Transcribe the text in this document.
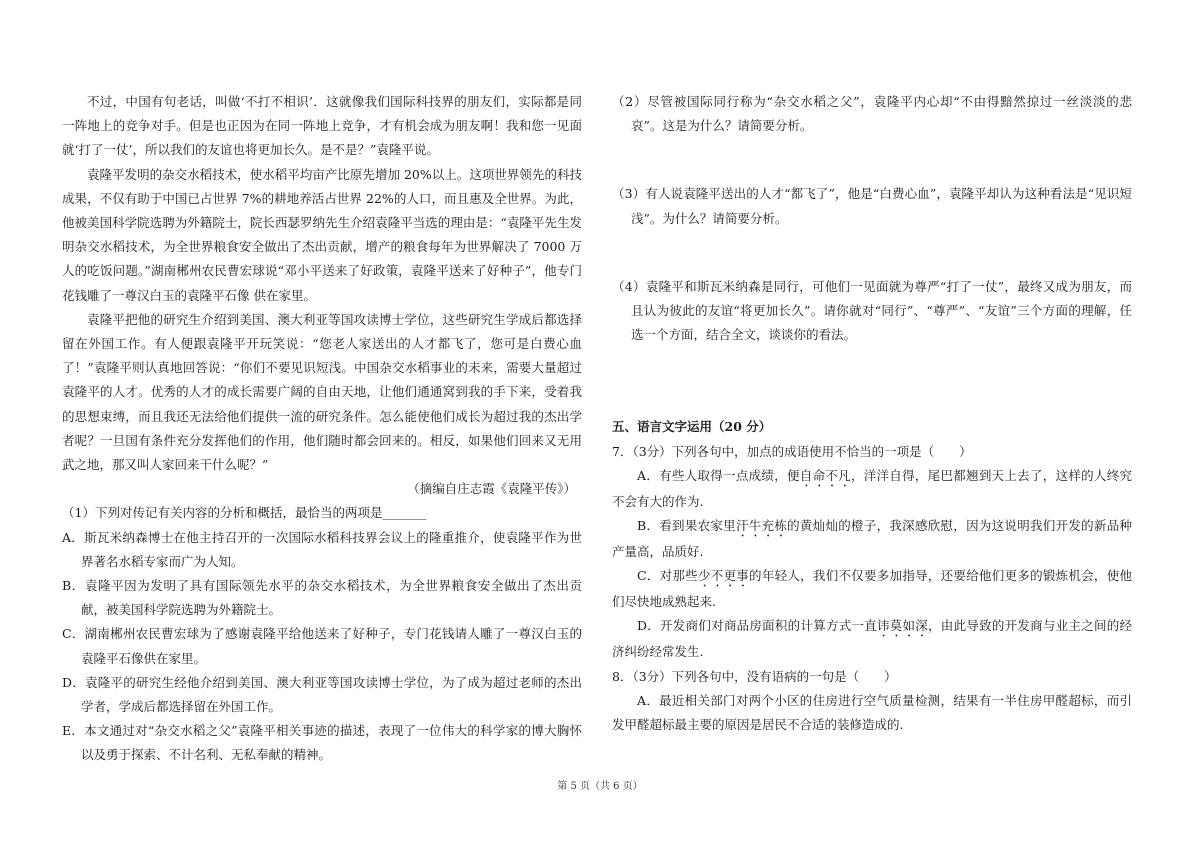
不过，中国有句老话，叫做‘不打不相识’．这就像我们国际科技界的朋友们，实际都是同一阵地上的竞争对手。但是也正因为在同一阵地上竞争，才有机会成为朋友啊！我和您一见面就‘打了一仗’，所以我们的友谊也将更加长久。是不是？”袁隆平说。

袁隆平发明的杂交水稻技术，使水稻平均亩产比原先增加 20%以上。这项世界领先的科技成果，不仅有助于中国已占世界 7%的耕地养活占世界 22%的人口，而且惠及全世界。为此，他被美国科学院选聘为外籍院士，院长西瑟罗纳先生介绍袁隆平当选的理由是：“袁隆平先生发明杂交水稻技术，为全世界粮食安全做出了杰出贡献，增产的粮食每年为世界解决了 7000 万人的吃饭问题。”湖南郴州农民曹宏球说“邓小平送来了好政策，袁隆平送来了好种子”，他专门花钱雕了一尊汉白玉的袁隆平石像 供在家里。

袁隆平把他的研究生介绍到美国、澳大利亚等国攻读博士学位，这些研究生学成后都选择留在外国工作。有人便跟袁隆平开玩笑说：“您老人家送出的人才都飞了，您可是白费心血了！”袁隆平则认真地回答说：“你们不要见识短浅。中国杂交水稻事业的未来，需要大量超过袁隆平的人才。优秀的人才的成长需要广阔的自由天地，让他们通通窝到我的手下来，受着我的思想束缚，而且我还无法给他们提供一流的研究条件。怎么能使他们成长为超过我的杰出学者呢？一旦国有条件充分发挥他们的作用，他们随时都会回来的。相反，如果他们回来又无用武之地，那又叫人家回来干什么呢？”

（摘编自庄志霞《袁隆平传》）

（1）下列对传记有关内容的分析和概括，最恰当的两项是_______

A．斯瓦米纳森博士在他主持召开的一次国际水稻科技界会议上的隆重推介，使袁隆平作为世界著名水稻专家而广为人知。

B．袁隆平因为发明了具有国际领先水平的杂交水稻技术，为全世界粮食安全做出了杰出贡献，被美国科学院选聘为外籍院士。

C．湖南郴州农民曹宏球为了感谢袁隆平给他送来了好种子，专门花钱请人雕了一尊汉白玉的袁隆平石像供在家里。

D．袁隆平的研究生经他介绍到美国、澳大利亚等国攻读博士学位，为了成为超过老师的杰出学者，学成后都选择留在外国工作。

E．本文通过对“杂交水稻之父”袁隆平相关事迹的描述，表现了一位伟大的科学家的博大胸怀以及勇于探索、不计名利、无私奉献的精神。

（2）尽管被国际同行称为“杂交水稻之父”，袁隆平内心却“不由得黯然掠过一丝淡淡的悲哀”。这是为什么？请简要分析。

（3）有人说袁隆平送出的人才“都飞了”，他是“白费心血”，袁隆平却认为这种看法是“见识短浅”。为什么？请简要分析。

（4）袁隆平和斯瓦米纳森是同行，可他们一见面就为尊严“打了一仗”，最终又成为朋友，而且认为彼此的友谊“将更加长久”。请你就对“同行”、“尊严”、“友谊”三个方面的理解，任选一个方面，结合全文，谈谈你的看法。

五、语言文字运用（20 分）

7．（3分）下列各句中，加点的成语使用不恰当的一项是（　　）

A．有些人取得一点成绩，便自命不凡，洋洋自得，尾巴都翘到天上去了，这样的人终究不会有大的作为.

B．看到果农家里汗牛充栋的黄灿灿的橙子，我深感欣慰，因为这说明我们开发的新品种产量高，品质好.

C．对那些少不更事的年轻人，我们不仅要多加指导，还要给他们更多的锻炼机会，使他们尽快地成熟起来.

D．开发商们对商品房面积的计算方式一直讳莫如深，由此导致的开发商与业主之间的经济纠纷经常发生.

8．（3分）下列各句中，没有语病的一句是（　　）

A．最近相关部门对两个小区的住房进行空气质量检测，结果有一半住房甲醛超标，而引发甲醛超标最主要的原因是居民不合适的装修造成的.

第 5 页（共 6 页）
